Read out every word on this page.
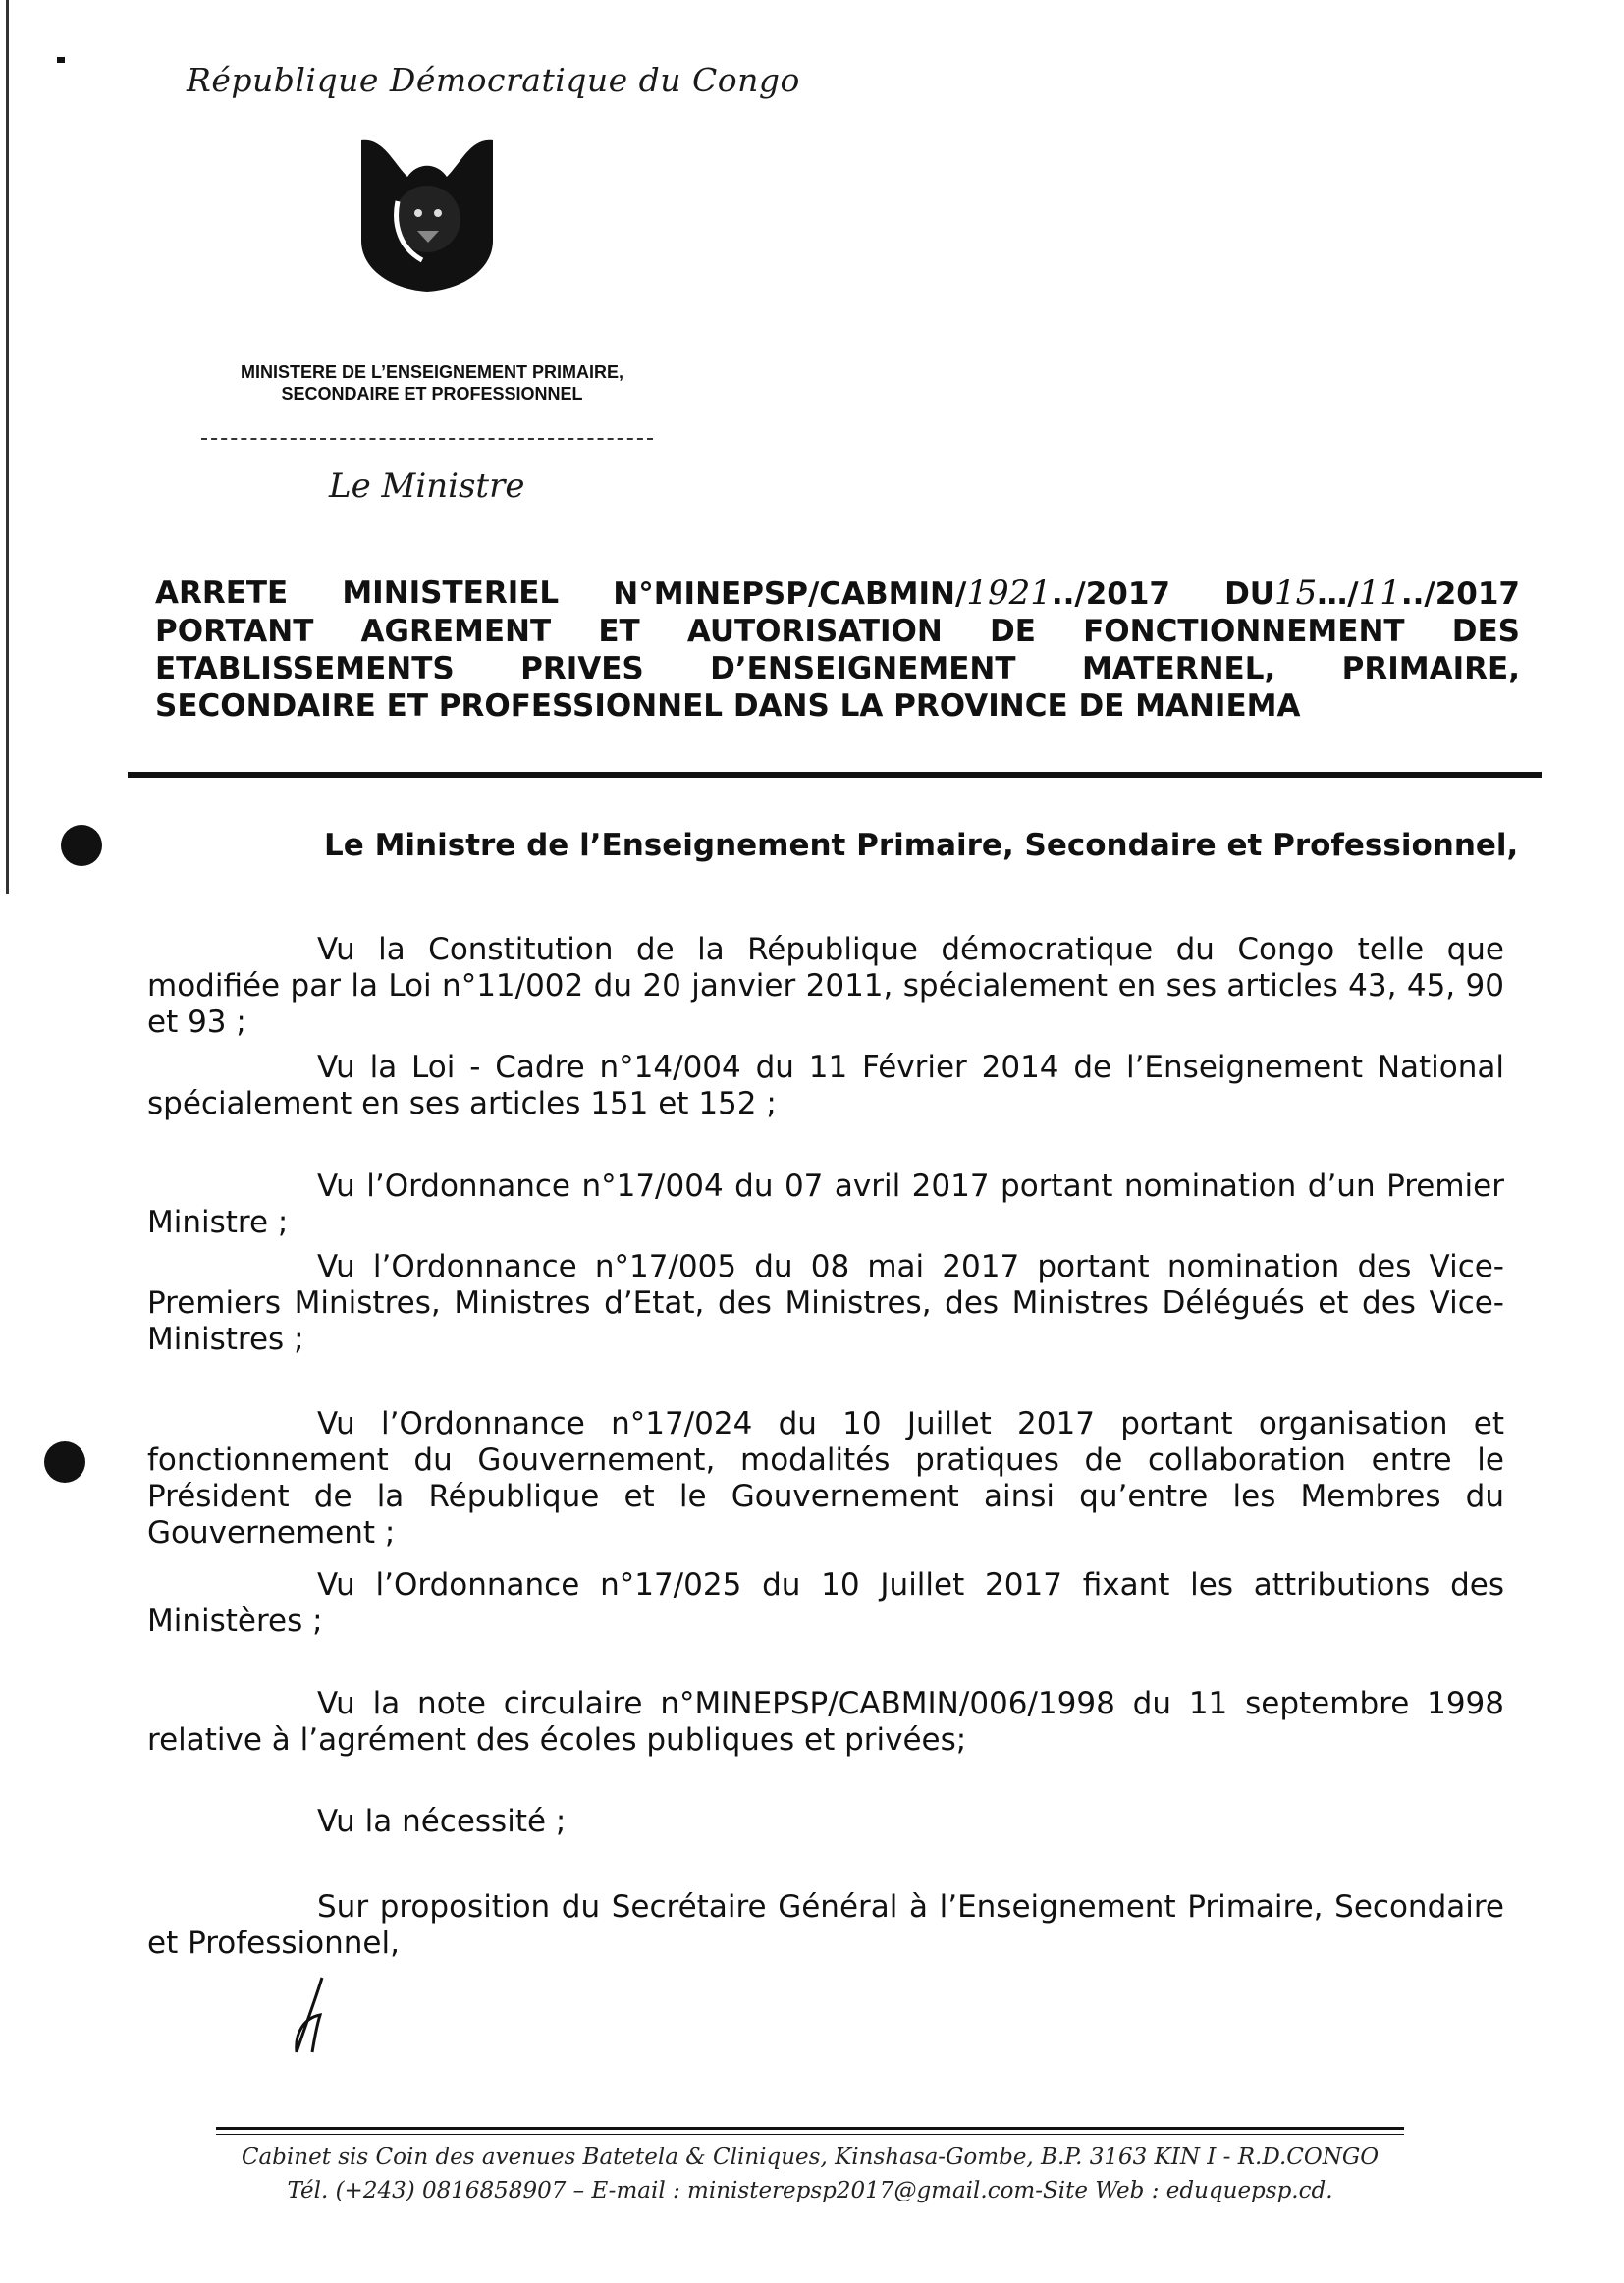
République Démocratique du Congo
MINISTERE DE L’ENSEIGNEMENT PRIMAIRE,
SECONDAIRE ET PROFESSIONNEL
Le Ministre
ARRETE MINISTERIEL N°MINEPSP/CABMIN/1921../2017 DU15…/11../2017
PORTANT AGREMENT ET AUTORISATION DE FONCTIONNEMENT DES
ETABLISSEMENTS PRIVES D’ENSEIGNEMENT MATERNEL, PRIMAIRE,
SECONDAIRE ET PROFESSIONNEL DANS LA PROVINCE DE MANIEMA
Le Ministre de l’Enseignement Primaire, Secondaire et Professionnel,

Vu la Constitution de la République démocratique du Congo telle que modifiée par la Loi n°11/002 du 20 janvier 2011, spécialement en ses articles 43, 45, 90 et 93 ;

Vu la Loi - Cadre n°14/004 du 11 Février 2014 de l’Enseignement National spécialement en ses articles 151 et 152 ;

Vu l’Ordonnance n°17/004 du 07 avril 2017 portant nomination d’un Premier Ministre ;

Vu l’Ordonnance n°17/005 du 08 mai 2017 portant nomination des Vice-Premiers Ministres, Ministres d’Etat, des Ministres, des Ministres Délégués et des Vice-Ministres ;

Vu l’Ordonnance n°17/024 du 10 Juillet 2017 portant organisation et fonctionnement du Gouvernement, modalités pratiques de collaboration entre le Président de la République et le Gouvernement ainsi qu’entre les Membres du Gouvernement ;

Vu l’Ordonnance n°17/025 du 10 Juillet 2017 fixant les attributions des Ministères ;

Vu la note circulaire n°MINEPSP/CABMIN/006/1998 du 11 septembre 1998 relative à l’agrément des écoles publiques et privées;

Vu la nécessité ;

Sur proposition du Secrétaire Général à l’Enseignement Primaire, Secondaire et Professionnel,

Cabinet sis Coin des avenues Batetela & Cliniques, Kinshasa-Gombe, B.P. 3163 KIN I - R.D.CONGO
Tél. (+243) 0816858907 – E-mail : ministerepsp2017@gmail.com-Site Web : eduquepsp.cd.
